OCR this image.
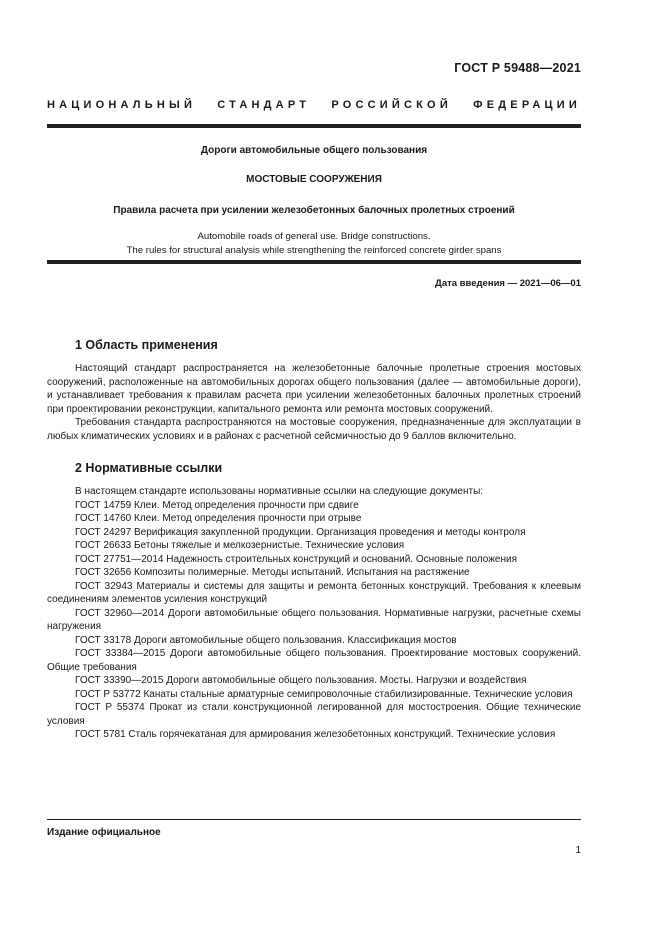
ГОСТ Р 59488—2021
НАЦИОНАЛЬНЫЙ СТАНДАРТ РОССИЙСКОЙ ФЕДЕРАЦИИ
Дороги автомобильные общего пользования
МОСТОВЫЕ СООРУЖЕНИЯ
Правила расчета при усилении железобетонных балочных пролетных строений
Automobile roads of general use. Bridge constructions.
The rules for structural analysis while strengthening the reinforced concrete girder spans
Дата введения — 2021—06—01
1 Область применения

Настоящий стандарт распространяется на железобетонные балочные пролетные строения мостовых сооружений, расположенные на автомобильных дорогах общего пользования (далее — автомобильные дороги), и устанавливает требования к правилам расчета при усилении железобетонных балочных пролетных строений при проектировании реконструкции, капитального ремонта или ремонта мостовых сооружений.

Требования стандарта распространяются на мостовые сооружения, предназначенные для эксплуатации в любых климатических условиях и в районах с расчетной сейсмичностью до 9 баллов включительно.

2 Нормативные ссылки

В настоящем стандарте использованы нормативные ссылки на следующие документы:

ГОСТ 14759 Клеи. Метод определения прочности при сдвиге

ГОСТ 14760 Клеи. Метод определения прочности при отрыве

ГОСТ 24297 Верификация закупленной продукции. Организация проведения и методы контроля

ГОСТ 26633 Бетоны тяжелые и мелкозернистые. Технические условия

ГОСТ 27751—2014 Надежность строительных конструкций и оснований. Основные положения

ГОСТ 32656 Композиты полимерные. Методы испытаний. Испытания на растяжение

ГОСТ 32943 Материалы и системы для защиты и ремонта бетонных конструкций. Требования к клеевым соединениям элементов усиления конструкций

ГОСТ 32960—2014 Дороги автомобильные общего пользования. Нормативные нагрузки, расчетные схемы нагружения

ГОСТ 33178 Дороги автомобильные общего пользования. Классификация мостов

ГОСТ 33384—2015 Дороги автомобильные общего пользования. Проектирование мостовых сооружений. Общие требования

ГОСТ 33390—2015 Дороги автомобильные общего пользования. Мосты. Нагрузки и воздействия

ГОСТ Р 53772 Канаты стальные арматурные семипроволочные стабилизированные. Технические условия

ГОСТ Р 55374 Прокат из стали конструкционной легированной для мостостроения. Общие технические условия

ГОСТ 5781 Сталь горячекатаная для армирования железобетонных конструкций. Технические условия

Издание официальное
1
